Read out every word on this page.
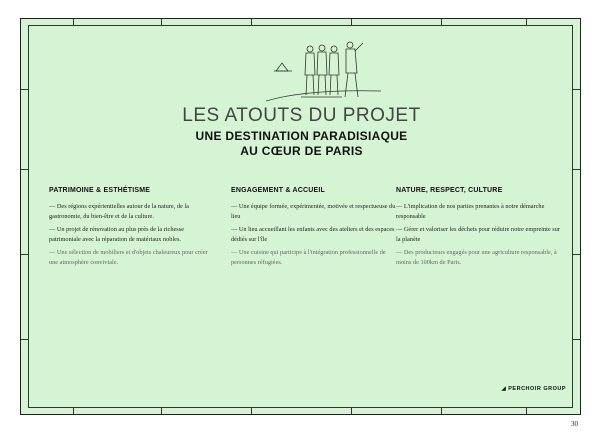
LES ATOUTS DU PROJET
UNE DESTINATION PARADISIAQUE
AU CŒUR DE PARIS
PATRIMOINE & ESTHÉTISME

— Des régions expérientielles autour de la nature, de la gastronomie, du bien-être et de la culture.

— Un projet de rénovation au plus près de la richesse patrimoniale avec la réparation de matériaux nobles.

— Une sélection de mobiliers et d'objets chaleureux pour créer une atmosphère conviviale.

ENGAGEMENT & ACCUEIL

— Une équipe formée, expérimentée, motivée et respectueuse du lieu

— Un lieu accueillant les enfants avec des ateliers et des espaces dédiés sur l'île

— Une cuisine qui participe à l'intégration professionnelle de personnes réfugiées.

NATURE, RESPECT, CULTURE

— L'implication de nos parties prenantes à notre démarche responsable

— Gérer et valoriser les déchets pour réduire notre empreinte sur la planète

— Des producteurs engagés pour une agriculture responsable, à moins de 100km de Paris.

◢ PERCHOIR GROUP
30
